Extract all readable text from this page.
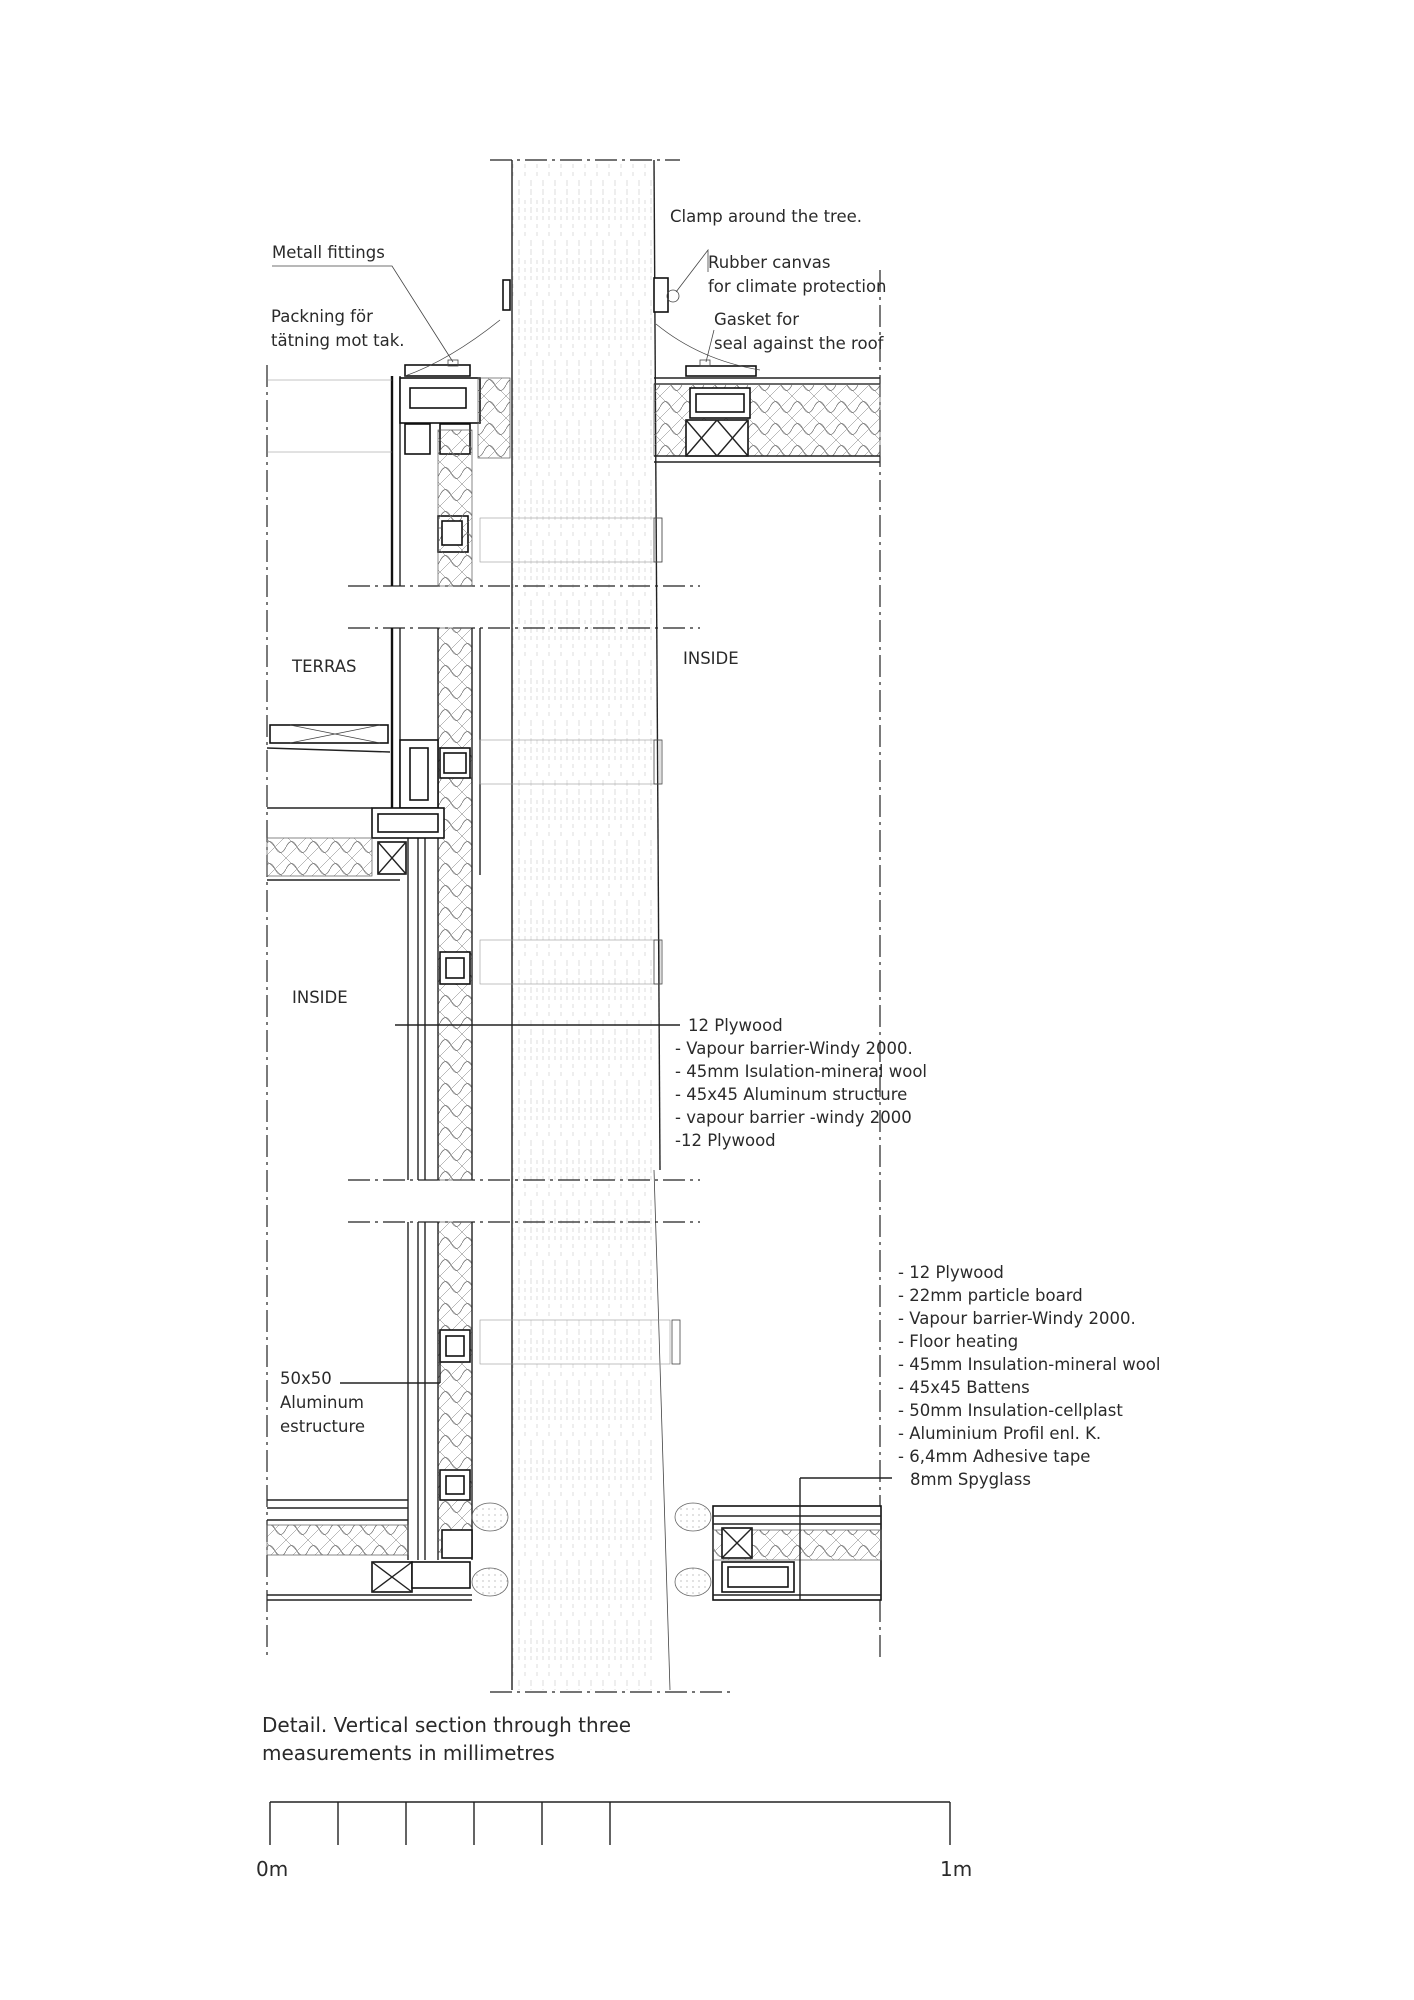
Clamp around the tree.
Metall fittings
Packning för
tätning mot tak.
Rubber canvas
for climate protection
Gasket for
seal against the roof
TERRAS	INSIDE
INSIDE
50x50
Aluminum
estructure
12 Plywood
- Vapour barrier-Windy 2000.
- 45mm Isulation-mineral wool
- 45x45 Aluminum structure
- vapour barrier -windy 2000
-12 Plywood
- 12 Plywood
- 22mm particle board
- Vapour barrier-Windy 2000.
- Floor heating
- 45mm Insulation-mineral wool
- 45x45 Battens
- 50mm Insulation-cellplast
- Aluminium Profil enl. K.
- 6,4mm Adhesive tape
8mm Spyglass
Detail. Vertical section through three
measurements in millimetres
0m	1m
